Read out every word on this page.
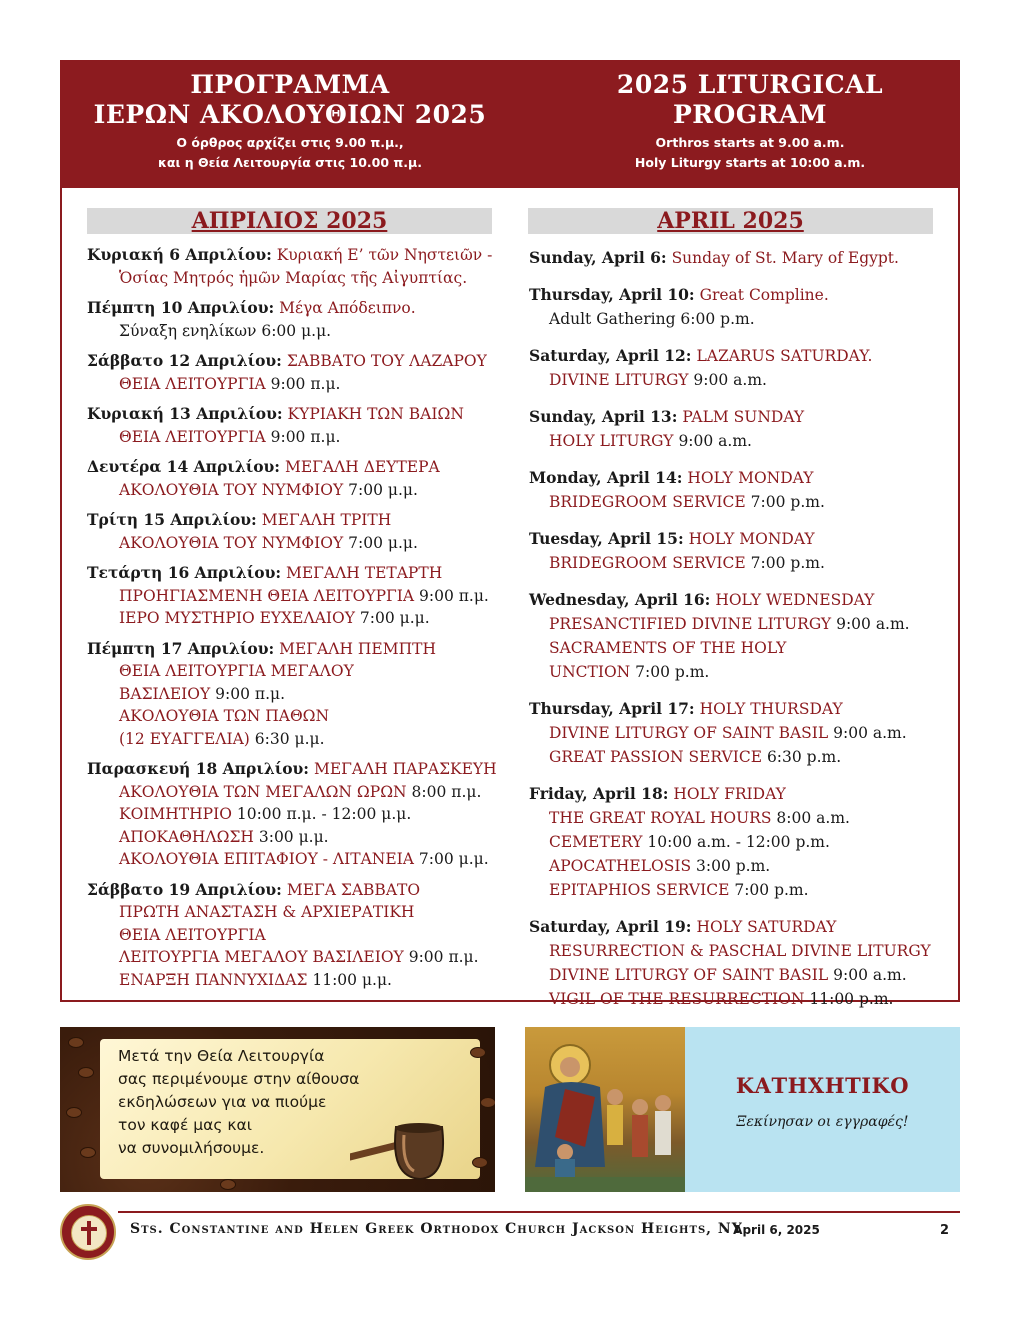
ΠΡΟΓΡΑΜΜΑ
ΙΕΡΩΝ ΑΚΟΛΟΥΘΙΩΝ 2025
Ο όρθρος αρχίζει στις 9.00 π.μ.,
και η Θεία Λειτουργία στις 10.00 π.μ.
2025 LITURGICAL
PROGRAM
Orthros starts at 9.00 a.m.
Holy Liturgy starts at 10:00 a.m.
ΑΠΡΙΛΙΟΣ 2025	APRIL 2025
Κυριακή 6 Απριλίου: Κυριακή Ε’ τῶν Νηστειῶν -
Ὁσίας Μητρός ἡμῶν Μαρίας τῆς Αἰγυπτίας.
Πέμπτη 10 Απριλίου: Μέγα Απόδειπνο.
Σύναξη ενηλίκων 6:00 μ.μ.
Σάββατο 12 Απριλίου: ΣΑΒΒΑΤΟ ΤΟΥ ΛΑΖΑΡΟΥ
ΘΕΙΑ ΛΕΙΤΟΥΡΓΙΑ 9:00 π.μ.
Κυριακή 13 Απριλίου: ΚΥΡΙΑΚΗ ΤΩΝ ΒΑΙΩΝ
ΘΕΙΑ ΛΕΙΤΟΥΡΓΙΑ 9:00 π.μ.
Δευτέρα 14 Απριλίου: ΜΕΓΑΛΗ ΔΕΥΤΕΡΑ
ΑΚΟΛΟΥΘΙΑ ΤΟΥ ΝΥΜΦΙΟΥ 7:00 μ.μ.
Τρίτη 15 Απριλίου: ΜΕΓΑΛΗ ΤΡΙΤΗ
ΑΚΟΛΟΥΘΙΑ ΤΟΥ ΝΥΜΦΙΟΥ 7:00 μ.μ.
Τετάρτη 16 Απριλίου: ΜΕΓΑΛΗ ΤΕΤΑΡΤΗ
ΠΡΟΗΓΙΑΣΜΕΝΗ ΘΕΙΑ ΛΕΙΤΟΥΡΓΙΑ 9:00 π.μ.
ΙΕΡΟ ΜΥΣΤΗΡΙΟ ΕΥΧΕΛΑΙΟΥ 7:00 μ.μ.
Πέμπτη 17 Απριλίου: ΜΕΓΑΛΗ ΠΕΜΠΤΗ
ΘΕΙΑ ΛΕΙΤΟΥΡΓΙΑ ΜΕΓΑΛΟΥ
ΒΑΣΙΛΕΙΟΥ 9:00 π.μ.
ΑΚΟΛΟΥΘΙΑ ΤΩΝ ΠΑΘΩΝ
(12 ΕΥΑΓΓΕΛΙΑ) 6:30 μ.μ.
Παρασκευή 18 Απριλίου: ΜΕΓΑΛΗ ΠΑΡΑΣΚΕΥΗ
ΑΚΟΛΟΥΘΙΑ ΤΩΝ ΜΕΓΑΛΩΝ ΩΡΩΝ 8:00 π.μ.
ΚΟΙΜΗΤΗΡΙΟ 10:00 π.μ. - 12:00 μ.μ.
ΑΠΟΚΑΘΗΛΩΣΗ 3:00 μ.μ.
ΑΚΟΛΟΥΘΙΑ ΕΠΙΤΑΦΙΟΥ - ΛΙΤΑΝΕΙΑ 7:00 μ.μ.
Σάββατο 19 Απριλίου: ΜΕΓΑ ΣΑΒΒΑΤΟ
ΠΡΩΤΗ ΑΝΑΣΤΑΣΗ & ΑΡΧΙΕΡΑΤΙΚΗ
ΘΕΙΑ ΛΕΙΤΟΥΡΓΙΑ
ΛΕΙΤΟΥΡΓΙΑ ΜΕΓΑΛΟΥ ΒΑΣΙΛΕΙΟΥ 9:00 π.μ.
ΕΝΑΡΞΗ ΠΑΝΝΥΧΙΔΑΣ 11:00 μ.μ.
Sunday, April 6: Sunday of St. Mary of Egypt.
Thursday, April 10: Great Compline.
Adult Gathering 6:00 p.m.
Saturday, April 12: LAZARUS SATURDAY.
DIVINE LITURGY 9:00 a.m.
Sunday, April 13: PALM SUNDAY
HOLY LITURGY 9:00 a.m.
Monday, April 14: HOLY MONDAY
BRIDEGROOM SERVICE 7:00 p.m.
Tuesday, April 15: HOLY MONDAY
BRIDEGROOM SERVICE 7:00 p.m.
Wednesday, April 16: HOLY WEDNESDAY
PRESANCTIFIED DIVINE LITURGY 9:00 a.m.
SACRAMENTS OF THE HOLY
UNCTION 7:00 p.m.
Thursday, April 17: HOLY THURSDAY
DIVINE LITURGY OF SAINT BASIL 9:00 a.m.
GREAT PASSION SERVICE 6:30 p.m.
Friday, April 18: HOLY FRIDAY
THE GREAT ROYAL HOURS 8:00 a.m.
CEMETERY 10:00 a.m. - 12:00 p.m.
APOCATHELOSIS 3:00 p.m.
EPITAPHIOS SERVICE 7:00 p.m.
Saturday, April 19: HOLY SATURDAY
RESURRECTION & PASCHAL DIVINE LITURGY
DIVINE LITURGY OF SAINT BASIL 9:00 a.m.
VIGIL OF THE RESURRECTION 11:00 p.m.
Μετά την Θεία Λειτουργία
σας περιμένουμε στην αίθουσα
εκδηλώσεων για να πιούμε
τον καφέ μας και
να συνομιλήσουμε.
ΚΑΤΗΧΗΤΙΚΟ
Ξεκίνησαν οι εγγραφές!
Sts. Constantine and Helen Greek Orthodox Church Jackson Heights, NY
- April 6, 2025	2
